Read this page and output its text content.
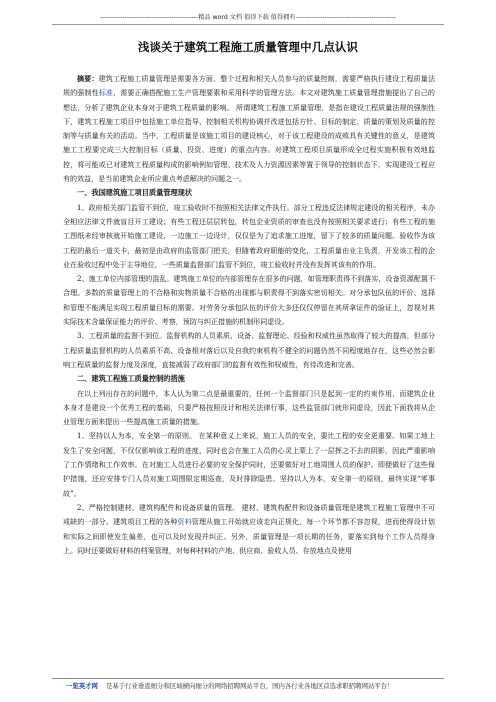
--------------------------------------------精品 word 文档 值得下载 值得拥有---------------------------------------------
浅谈关于建筑工程施工质量管理中几点认识

摘要：建筑工程施工质量管理是需要各方面、整个过程和相关人员参与的质量控制，需要严格执行建设工程质量法规的强制性标准，需要正确搭配施工生产管理要素和采用科学的管理方法。本文对建筑施工质量管理措施提出了自己的想法，分析了建筑企业本身对于建筑工程质量的影响。 所谓建筑工程施工质量管理，是指在建设工程质量法规的强制性下，建筑工程施工项目中包括施工单位指导、控制相关机构协调并改进包括方针、目标的制定、质量的策划及质量的控制等与质量有关的活动。当中，工程质量是该施工项目的建设核心，对于该工程建设的成败具有关键性的意义，是建筑施工工程要完成三大控制目标（质量、投资、进度）的重点内容。对建筑工程项目质量形成全过程实施积极有效地监控，将可能或已对建筑工程质量构成的影响例如管理、技术及人力资源因素等置于领导的控制状态下，实现建设工程应有的效益，是当前建筑企业所应重点考虑解决的问题之一。

一、我国建筑施工项目质量管理现状

1、政府相关部门监管不到位，竣工验收时不按照相关法律文件执行。部分工程违反法律规定建设的相关程序，未办全相应法律文件就盲目开工建设；有些工程还层层转包，转包企业资质的审查也没有按照相关要求进行；有些工程的施工图纸未经审核就开始施工建设，一边施工一边设计，仅仅是为了追求施工进度，留下了较多的质量问题。验收作为该工程的最后一道关卡，最初是由政府的监管部门把关，但随着政府职能的变化，工程质量由业主负责，开发该工程的企业在验收过程中处于主导地位，一些质量监督部门监管不到位，竣工验收时并没有发挥其该有的作用。

2、施工单位内部管理的混乱。建筑施工单位的内部管理存在很多的问题，如管理职责得不到落实，设备资源配置不合理。多数的质量管理上的不合格和实物质量不合格的出现都与职责得不到落实密切相关。对分承包队伍的评价、选择和管理不能满足实现工程质量目标的需要。对劳务分承包队伍的评价大多还仅仅停留在其所拿证件的验证上，忽视对其实际技术含量保证能力的评价、考察，预防与纠正措施的机制形同虚设。

3、工程质量的监督不到位。监督机构的人员素质、设备、监督理论、经验和权威性虽然取得了较大的提高，但部分工程质量监督机构的人员素质不高、设备相对落后以及自我约束机构不健全的问题仍然不同程度地存在，这些必然会影响工程质量的监督力度及深度，直接减弱了政府部门的监督有效性和权威性，有待改进和完善。

二、建筑工程施工质量控制的措施

在以上列出存在的问题中，本人认为第二点是最重要的，任何一个监督部门只是起到一定的约束作用，而建筑企业本身才是建设一个优秀工程的基础，只要严格按照设计和相关法律行事，这些监管部门就形同虚设，因此下面我将从企业管理方面来提出一些提高施工质量的措施。

1、坚持以人为本，安全第一的原则。 在某种意义上来说，施工人员的安全，要比工程的安全更重要。如果工地上发生了安全问题，不仅仅影响该工程的进度，同时也会在施工人员的心灵上蒙上了一层挥之不去的阴影，因此严重影响了工作情绪和工作效率。在对施工人员进行必要的安全保护同时，还要做好对工地周围人员的保护。即便做好了这些保护措施，还应安排专门人员对施工周围限定期巡查，及时排除隐患。坚持以人为本，安全第一的原则，最终实现“零事故”。

2、严格控制建材、建筑构配件和设备质量的管理。 建材、建筑构配件和设备质量管理是建筑工程施工管理中不可或缺的一部分。建筑项目工程的各种资料管理从施工开始就应该走向正规化，每一个环节都不容忽视，进而使得设计划和实际之间即使发生偏差，也可以及时发现并纠正。另外，质量管理是一项长期的任务，要落实到每个工作人员得身上。同时还要做好材料的档案管理，对每种材料的产地、供应商、验收人员、存放地点及使用

一览英才网 是基于行业垂直细分和区域横向细分的网络招聘网站平台，国内各行业各地区首选求职招聘网站平台！
